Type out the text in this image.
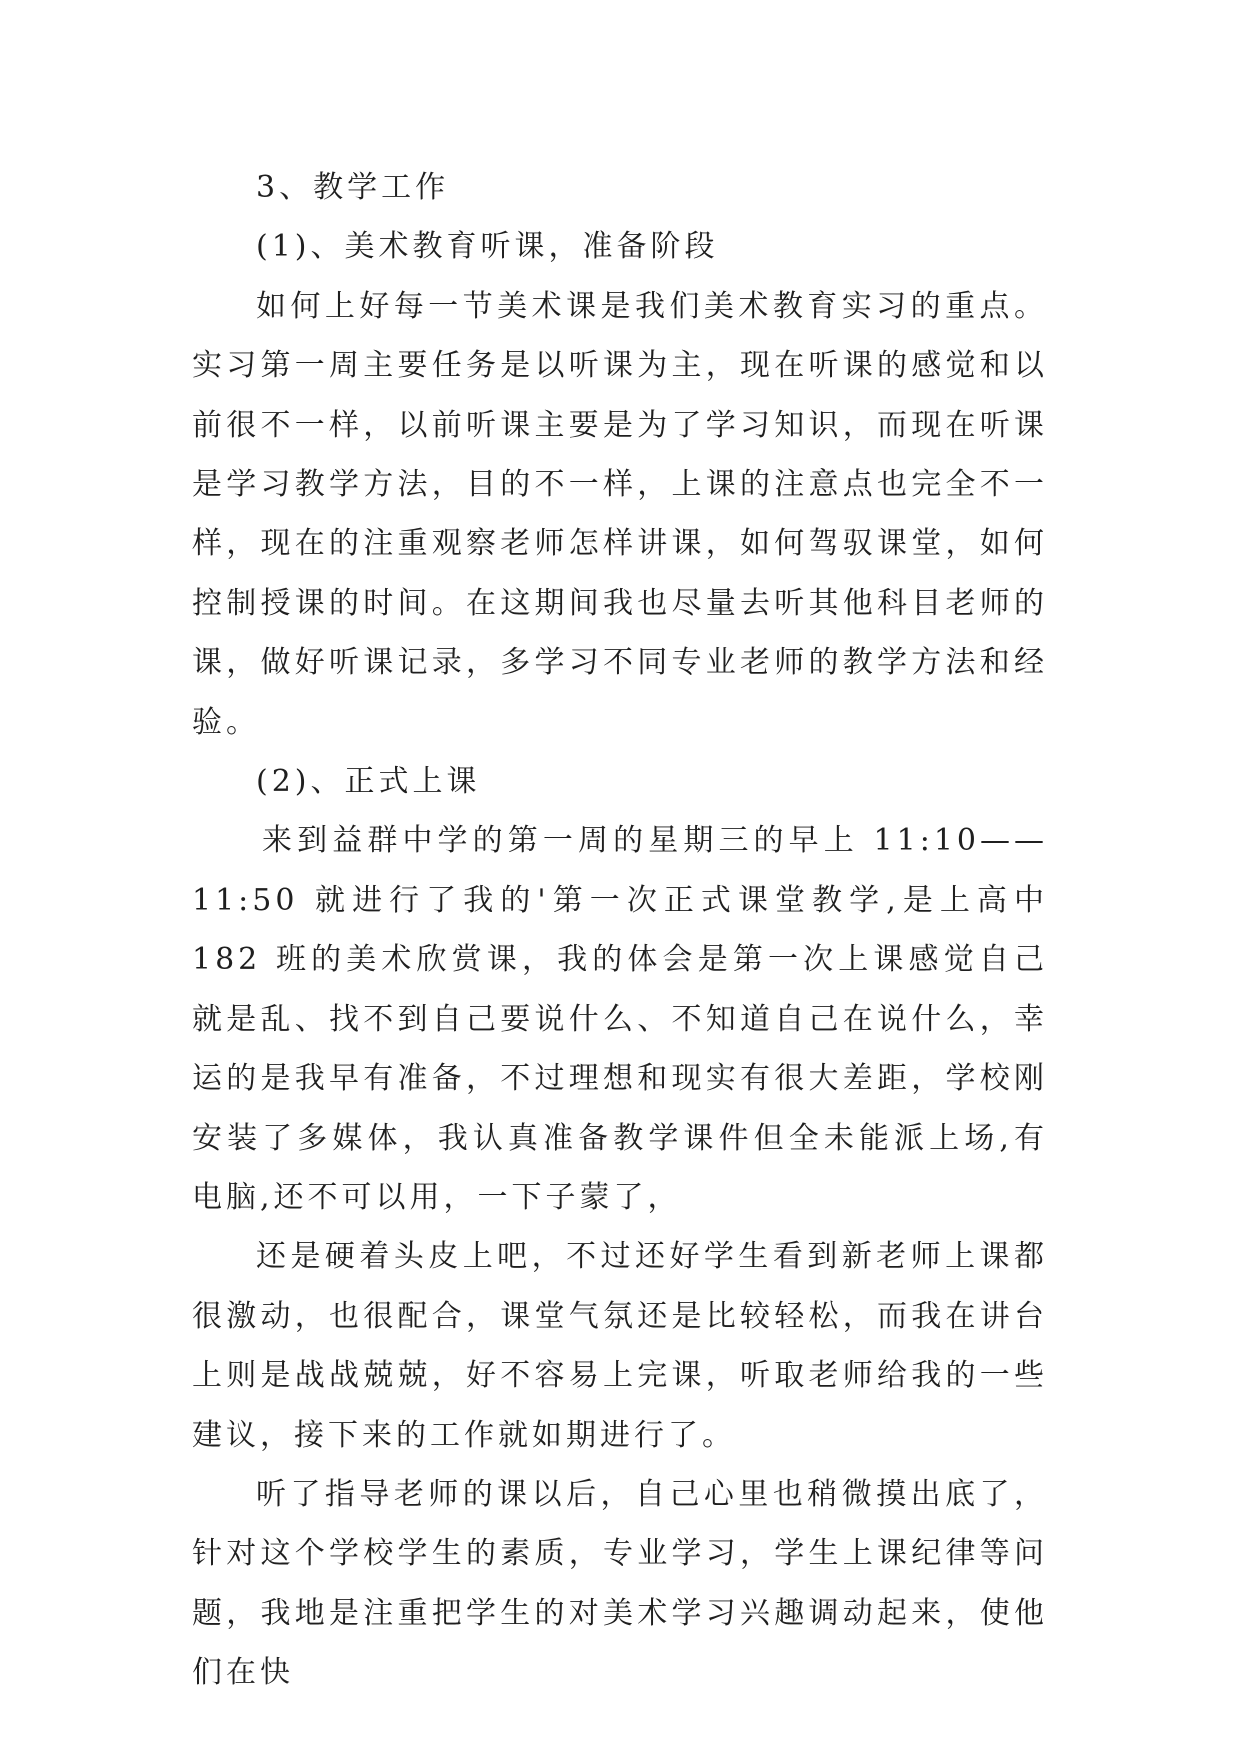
3、教学工作

(1)、美术教育听课，准备阶段

如何上好每一节美术课是我们美术教育实习的重点。实习第一周主要任务是以听课为主，现在听课的感觉和以前很不一样，以前听课主要是为了学习知识，而现在听课是学习教学方法，目的不一样，上课的注意点也完全不一样，现在的注重观察老师怎样讲课，如何驾驭课堂，如何控制授课的时间。在这期间我也尽量去听其他科目老师的课，做好听课记录，多学习不同专业老师的教学方法和经验。

(2)、正式上课

来到益群中学的第一周的星期三的早上 11:10——11:50 就进行了我的'第一次正式课堂教学,是上高中 182 班的美术欣赏课，我的体会是第一次上课感觉自己就是乱、找不到自己要说什么、不知道自己在说什么，幸运的是我早有准备，不过理想和现实有很大差距，学校刚安装了多媒体，我认真准备教学课件但全未能派上场,有电脑,还不可以用，一下子蒙了，

还是硬着头皮上吧，不过还好学生看到新老师上课都很激动，也很配合，课堂气氛还是比较轻松，而我在讲台上则是战战兢兢，好不容易上完课，听取老师给我的一些建议，接下来的工作就如期进行了。

听了指导老师的课以后，自己心里也稍微摸出底了，针对这个学校学生的素质，专业学习，学生上课纪律等问题，我地是注重把学生的对美术学习兴趣调动起来，使他们在快
